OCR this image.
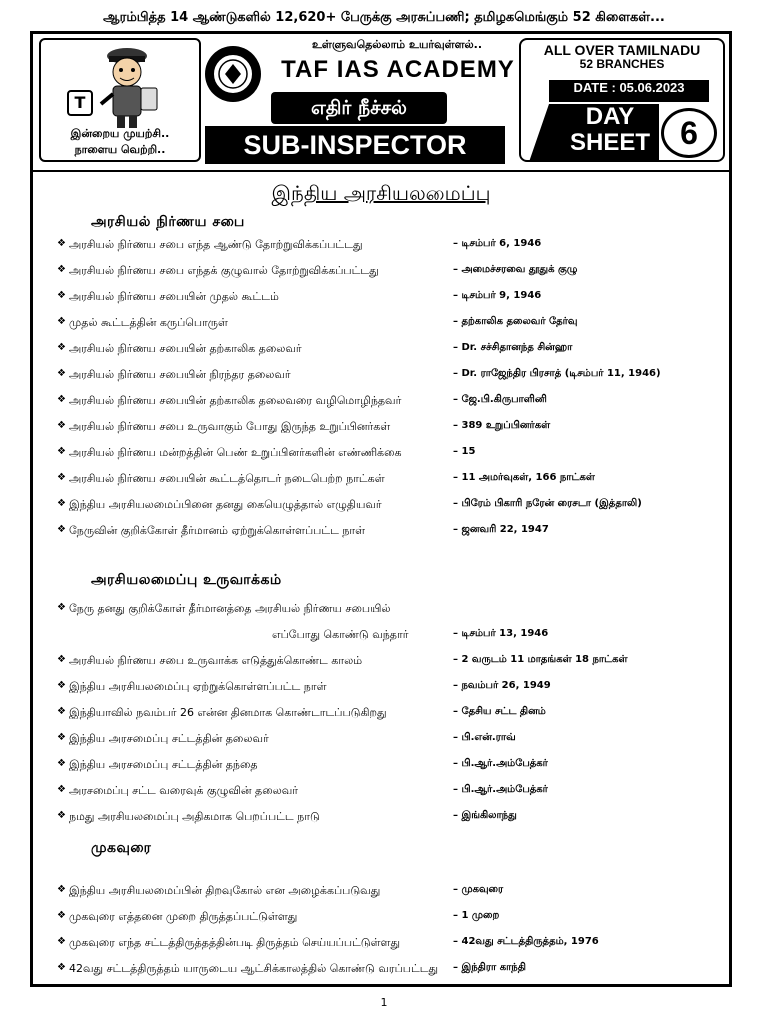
ஆரம்பித்த 14 ஆண்டுகளில் 12,620+ பேருக்கு அரசுப்பணி; தமிழகமெங்கும் 52 கிளைகள்...
T
இன்றைய முயற்சி..
நாளைய வெற்றி..
உள்ளுவதெல்லாம் உயர்வுள்ளல்..
TAF IAS ACADEMY
எதிர் நீச்சல்
SUB-INSPECTOR
ALL OVER TAMILNADU
52 BRANCHES
DATE : 05.06.2023
DAY
SHEET 6
இந்திய அரசியலமைப்பு
அரசியல் நிர்ணய சபை
❖ அரசியல் நிர்ணய சபை எந்த ஆண்டு தோற்றுவிக்கப்பட்டது	– டிசம்பர் 6, 1946
❖ அரசியல் நிர்ணய சபை எந்தக் குழுவால் தோற்றுவிக்கப்பட்டது	– அமைச்சரவை தூதுக் குழு
❖ அரசியல் நிர்ணய சபையின் முதல் கூட்டம்	– டிசம்பர் 9, 1946
❖ முதல் கூட்டத்தின் கருப்பொருள்	– தற்காலிக தலைவர் தேர்வு
❖ அரசியல் நிர்ணய சபையின் தற்காலிக தலைவர்	– Dr. சச்சிதானந்த சின்ஹா
❖ அரசியல் நிர்ணய சபையின் நிரந்தர தலைவர்	– Dr. ராஜேந்திர பிரசாத் (டிசம்பர் 11, 1946)
❖ அரசியல் நிர்ணய சபையின் தற்காலிக தலைவரை வழிமொழிந்தவர்	– ஜே.பி.கிருபாளினி
❖ அரசியல் நிர்ணய சபை உருவாகும் போது இருந்த உறுப்பினர்கள்	– 389 உறுப்பினர்கள்
❖ அரசியல் நிர்ணய மன்றத்தின் பெண் உறுப்பினர்களின் எண்ணிக்கை	– 15
❖ அரசியல் நிர்ணய சபையின் கூட்டத்தொடர் நடைபெற்ற நாட்கள்	– 11 அமர்வுகள், 166 நாட்கள்
❖ இந்திய அரசியலமைப்பினை தனது கையெழுத்தால் எழுதியவர்	– பிரேம் பிகாரி நரேன் ரைசடா (இத்தாலி)
❖ நேருவின் குறிக்கோள் தீர்மானம் ஏற்றுக்கொள்ளப்பட்ட நாள்	– ஜனவரி 22, 1947
அரசியலமைப்பு உருவாக்கம்
❖ நேரு தனது குறிக்கோள் தீர்மானத்தை அரசியல் நிர்ணய சபையில்
எப்போது கொண்டு வந்தார்	– டிசம்பர் 13, 1946
❖ அரசியல் நிர்ணய சபை உருவாக்க எடுத்துக்கொண்ட காலம்	– 2 வருடம் 11 மாதங்கள் 18 நாட்கள்
❖ இந்திய அரசியலமைப்பு ஏற்றுக்கொள்ளப்பட்ட நாள்	– நவம்பர் 26, 1949
❖ இந்தியாவில் நவம்பர் 26 என்ன தினமாக கொண்டாடப்படுகிறது	– தேசிய சட்ட தினம்
❖ இந்திய அரசமைப்பு சட்டத்தின் தலைவர்	– பி.என்.ராவ்
❖ இந்திய அரசமைப்பு சட்டத்தின் தந்தை	– பி.ஆர்.அம்பேத்கர்
❖ அரசமைப்பு சட்ட வரைவுக் குழுவின் தலைவர்	– பி.ஆர்.அம்பேத்கர்
❖ நமது அரசியலமைப்பு அதிகமாக பெறப்பட்ட நாடு	– இங்கிலாந்து
முகவுரை
❖ இந்திய அரசியலமைப்பின் திறவுகோல் என அழைக்கப்படுவது	– முகவுரை
❖ முகவுரை எத்தனை முறை திருத்தப்பட்டுள்ளது	– 1 முறை
❖ முகவுரை எந்த சட்டத்திருத்தத்தின்படி திருத்தம் செய்யப்பட்டுள்ளது	– 42வது சட்டத்திருத்தம், 1976
❖ 42வது சட்டத்திருத்தம் யாருடைய ஆட்சிக்காலத்தில் கொண்டு வரப்பட்டது – இந்திரா காந்தி
1
